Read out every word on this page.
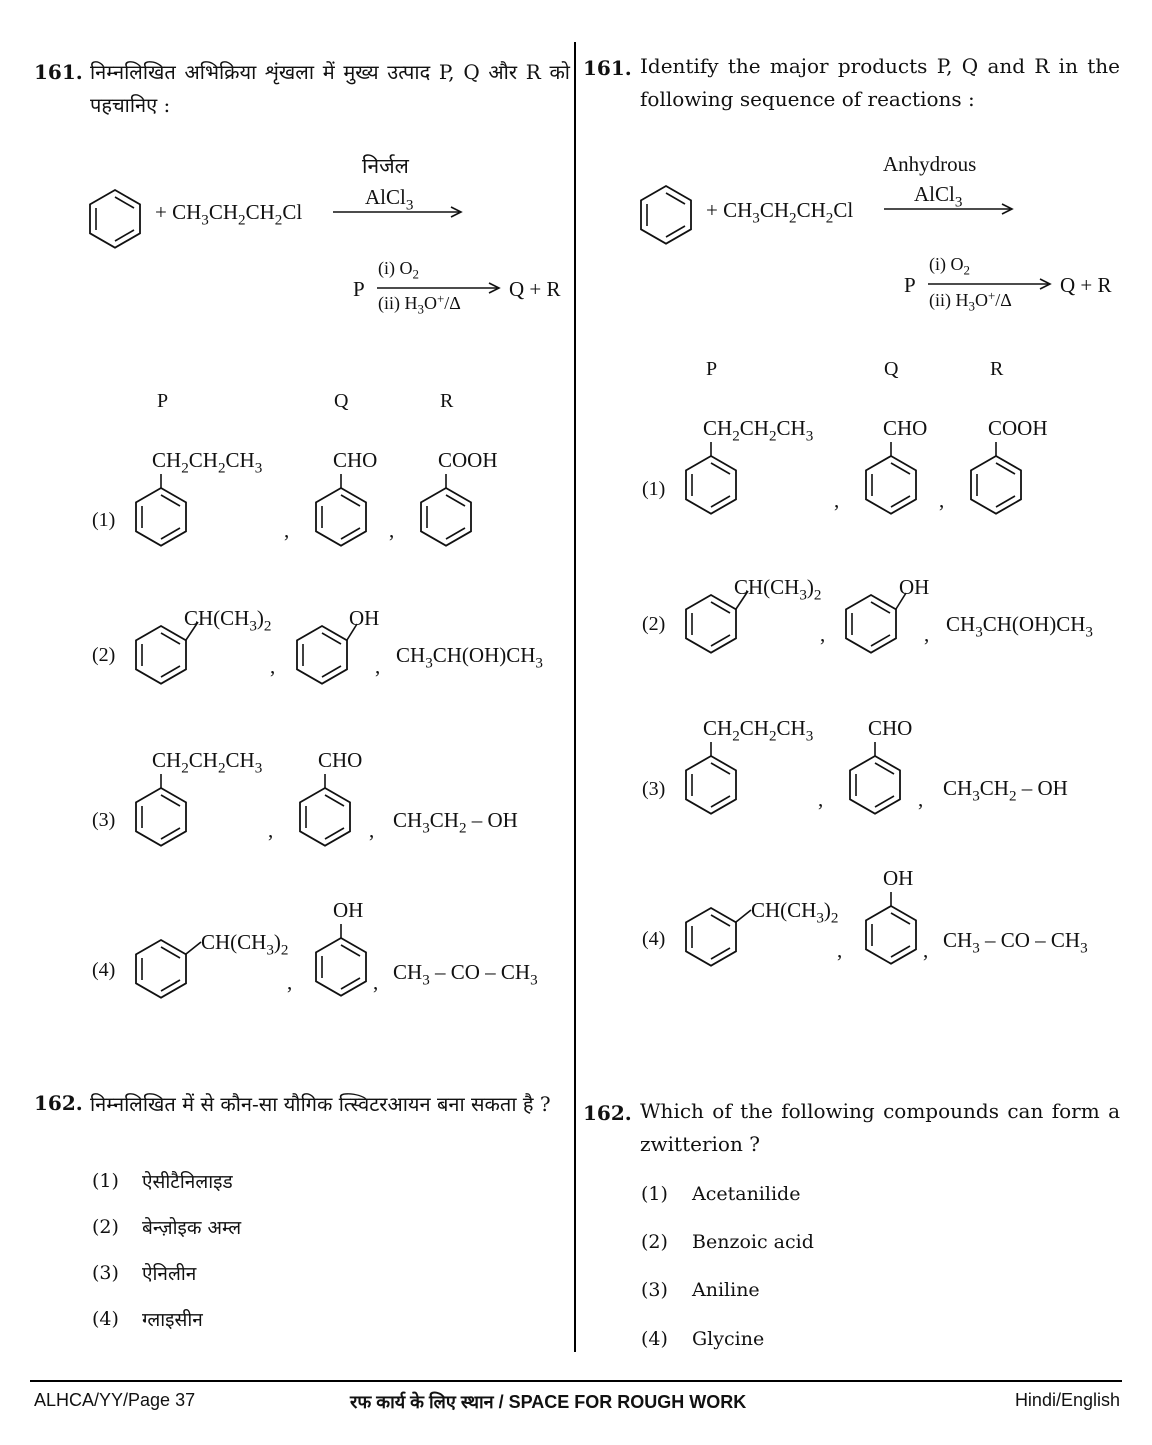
161. निम्नलिखित अभिक्रिया शृंखला में मुख्य उत्पाद P, Q और R को पहचानिए :
+ $CH_3CH_2CH_2Cl$
निर्जल
AlCl$_3$
P
(i) $O_2$
(ii) $H_3O^+/\Delta$
Q + R
P	Q	R
(1)
$CH_2CH_2CH_3$
,
CHO
,
COOH
(2)
$CH(CH_3)_2$
,
OH
, $CH_3CH(OH)CH_3$
(3)
$CH_2CH_2CH_3$
,
CHO
, $CH_3CH_2$ – OH
(4)
$CH(CH_3)_2$
,
OH
, $CH_3$ – CO – $CH_3$
162. निम्नलिखित में से कौन-सा यौगिक त्स्विटरआयन बना सकता है ?
(1) ऐसीटैनिलाइड
(2) बेन्ज़ोइक अम्ल
(3) ऐनिलीन
(4) ग्लाइसीन
161. Identify the major products P, Q and R in the following sequence of reactions :
+ $CH_3CH_2CH_2Cl$
Anhydrous
AlCl$_3$
P
(i) $O_2$
(ii) $H_3O^+/\Delta$
Q + R
P	Q	R
(1)
$CH_2CH_2CH_3$
,
CHO
,
COOH
(2)
$CH(CH_3)_2$
,
OH
, $CH_3CH(OH)CH_3$
(3)
$CH_2CH_2CH_3$
,
CHO
, $CH_3CH_2$ – OH
(4)
$CH(CH_3)_2$
,
OH
, $CH_3$ – CO – $CH_3$
162. Which of the following compounds can form a zwitterion ?
(1) Acetanilide
(2) Benzoic acid
(3) Aniline
(4) Glycine
ALHCA/YY/Page 37	रफ कार्य के लिए स्थान / SPACE FOR ROUGH WORK	Hindi/English
